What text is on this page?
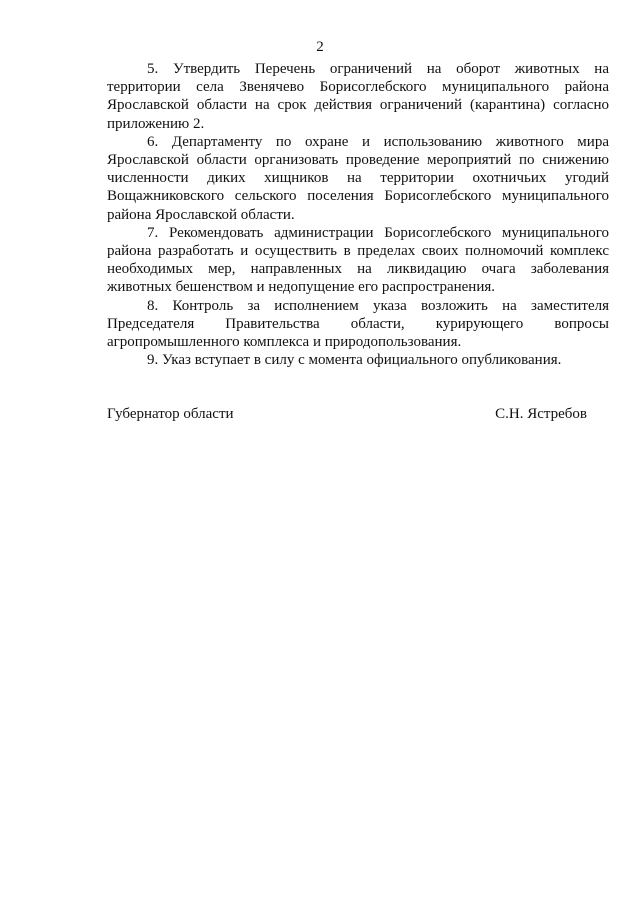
2

5. Утвердить Перечень ограничений на оборот животных на территории села Звенячево Борисоглебского муниципального района Ярославской области на срок действия ограничений (карантина) согласно приложению 2.

6. Департаменту по охране и использованию животного мира Ярославской области организовать проведение мероприятий по снижению численности диких хищников на территории охотничьих угодий Вощажниковского сельского поселения Борисоглебского муниципального района Ярославской области.

7. Рекомендовать администрации Борисоглебского муниципального района разработать и осуществить в пределах своих полномочий комплекс необходимых мер, направленных на ликвидацию очага заболевания животных бешенством и недопущение его распространения.

8. Контроль за исполнением указа возложить на заместителя Председателя Правительства области, курирующего вопросы агропромышленного комплекса и природопользования.

9. Указ вступает в силу с момента официального опубликования.

Губернатор области	С.Н. Ястребов
